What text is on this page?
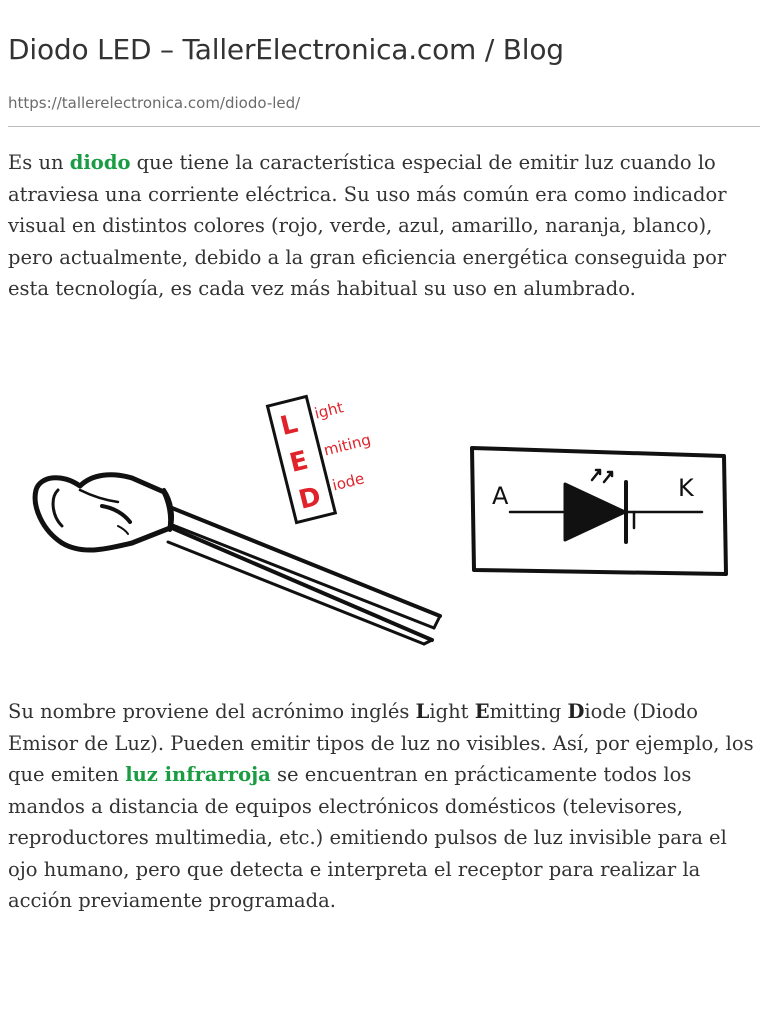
Diodo LED – TallerElectronica.com / Blog
https://tallerelectronica.com/diodo-led/

Es un diodo que tiene la característica especial de emitir luz cuando lo atraviesa una corriente eléctrica. Su uso más común era como indicador visual en distintos colores (rojo, verde, azul, amarillo, naranja, blanco), pero actualmente, debido a la gran eficiencia energética conseguida por esta tecnología, es cada vez más habitual su uso en alumbrado.

L
E
D
ight
miting
iode
A	K

Su nombre proviene del acrónimo inglés Light Emitting Diode (Diodo Emisor de Luz). Pueden emitir tipos de luz no visibles. Así, por ejemplo, los que emiten luz infrarroja se encuentran en prácticamente todos los mandos a distancia de equipos electrónicos domésticos (televisores, reproductores multimedia, etc.) emitiendo pulsos de luz invisible para el ojo humano, pero que detecta e interpreta el receptor para realizar la acción previamente programada.
